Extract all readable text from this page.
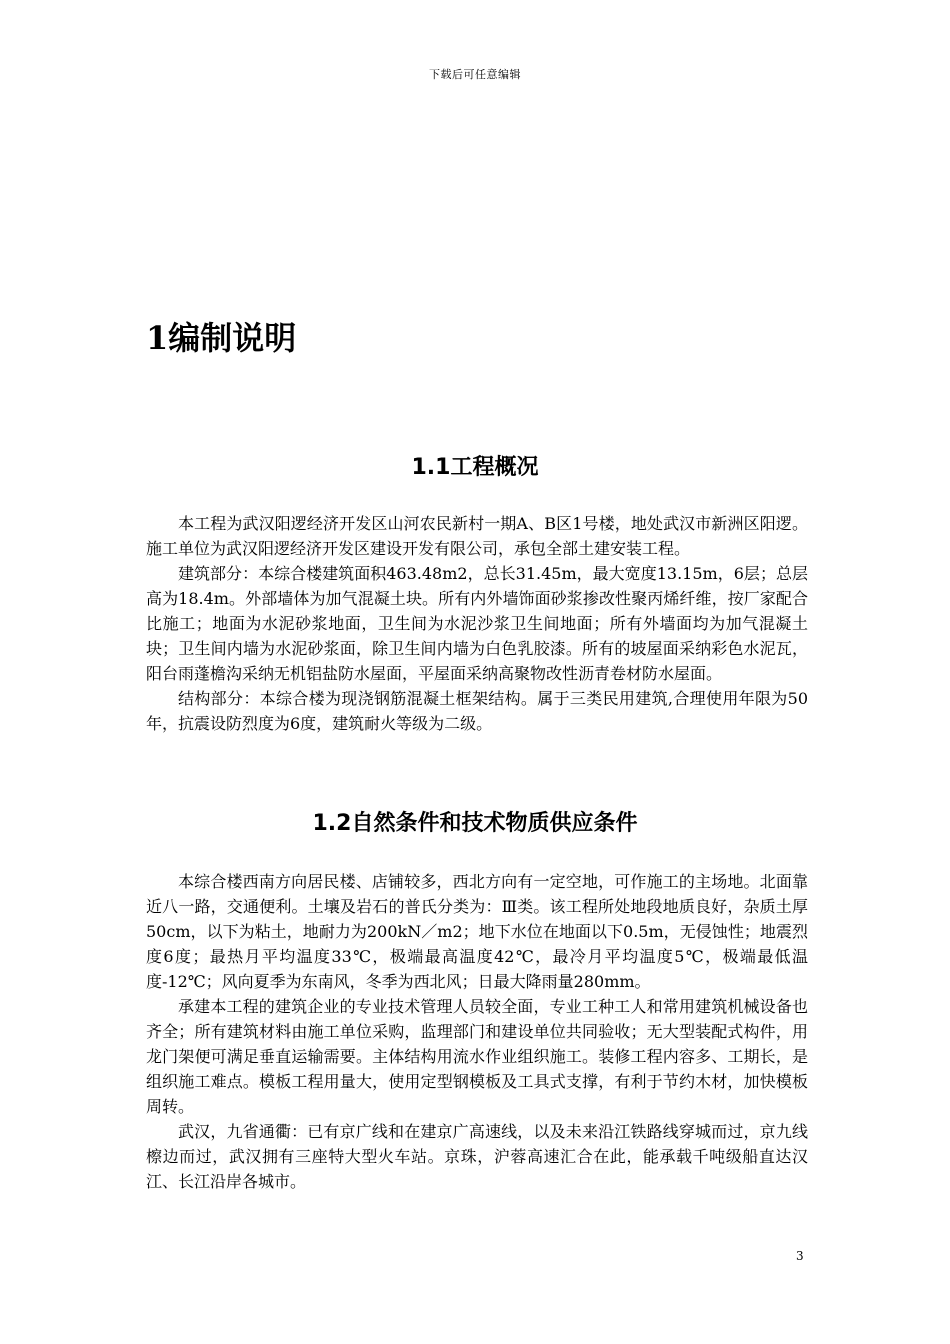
下载后可任意编辑
1编制说明
1.1工程概况

本工程为武汉阳逻经济开发区山河农民新村一期A、B区1号楼，地处武汉市新洲区阳逻。施工单位为武汉阳逻经济开发区建设开发有限公司，承包全部土建安装工程。

建筑部分：本综合楼建筑面积463.48m2，总长31.45m，最大宽度13.15m，6层；总层高为18.4m。外部墙体为加气混凝土块。所有内外墙饰面砂浆掺改性聚丙烯纤维，按厂家配合比施工；地面为水泥砂浆地面，卫生间为水泥沙浆卫生间地面；所有外墙面均为加气混凝土块；卫生间内墙为水泥砂浆面，除卫生间内墙为白色乳胶漆。所有的坡屋面采纳彩色水泥瓦，阳台雨蓬檐沟采纳无机铝盐防水屋面，平屋面采纳高聚物改性沥青卷材防水屋面。

结构部分：本综合楼为现浇钢筋混凝土框架结构。属于三类民用建筑,合理使用年限为50年，抗震设防烈度为6度，建筑耐火等级为二级。

1.2自然条件和技术物质供应条件

本综合楼西南方向居民楼、店铺较多，西北方向有一定空地，可作施工的主场地。北面靠近八一路，交通便利。土壤及岩石的普氏分类为：Ⅲ类。该工程所处地段地质良好，杂质土厚50cm，以下为粘土，地耐力为200kN／m2；地下水位在地面以下0.5m，无侵蚀性；地震烈度6度；最热月平均温度33℃，极端最高温度42℃，最冷月平均温度5℃，极端最低温度-12℃；风向夏季为东南风，冬季为西北风；日最大降雨量280mm。

承建本工程的建筑企业的专业技术管理人员较全面，专业工种工人和常用建筑机械设备也齐全；所有建筑材料由施工单位采购，监理部门和建设单位共同验收；无大型装配式构件，用龙门架便可满足垂直运输需要。主体结构用流水作业组织施工。装修工程内容多、工期长，是组织施工难点。模板工程用量大，使用定型钢模板及工具式支撑，有利于节约木材，加快模板周转。

武汉，九省通衢：已有京广线和在建京广高速线，以及未来沿江铁路线穿城而过，京九线檫边而过，武汉拥有三座特大型火车站。京珠，沪蓉高速汇合在此，能承载千吨级船直达汉江、长江沿岸各城市。

3
